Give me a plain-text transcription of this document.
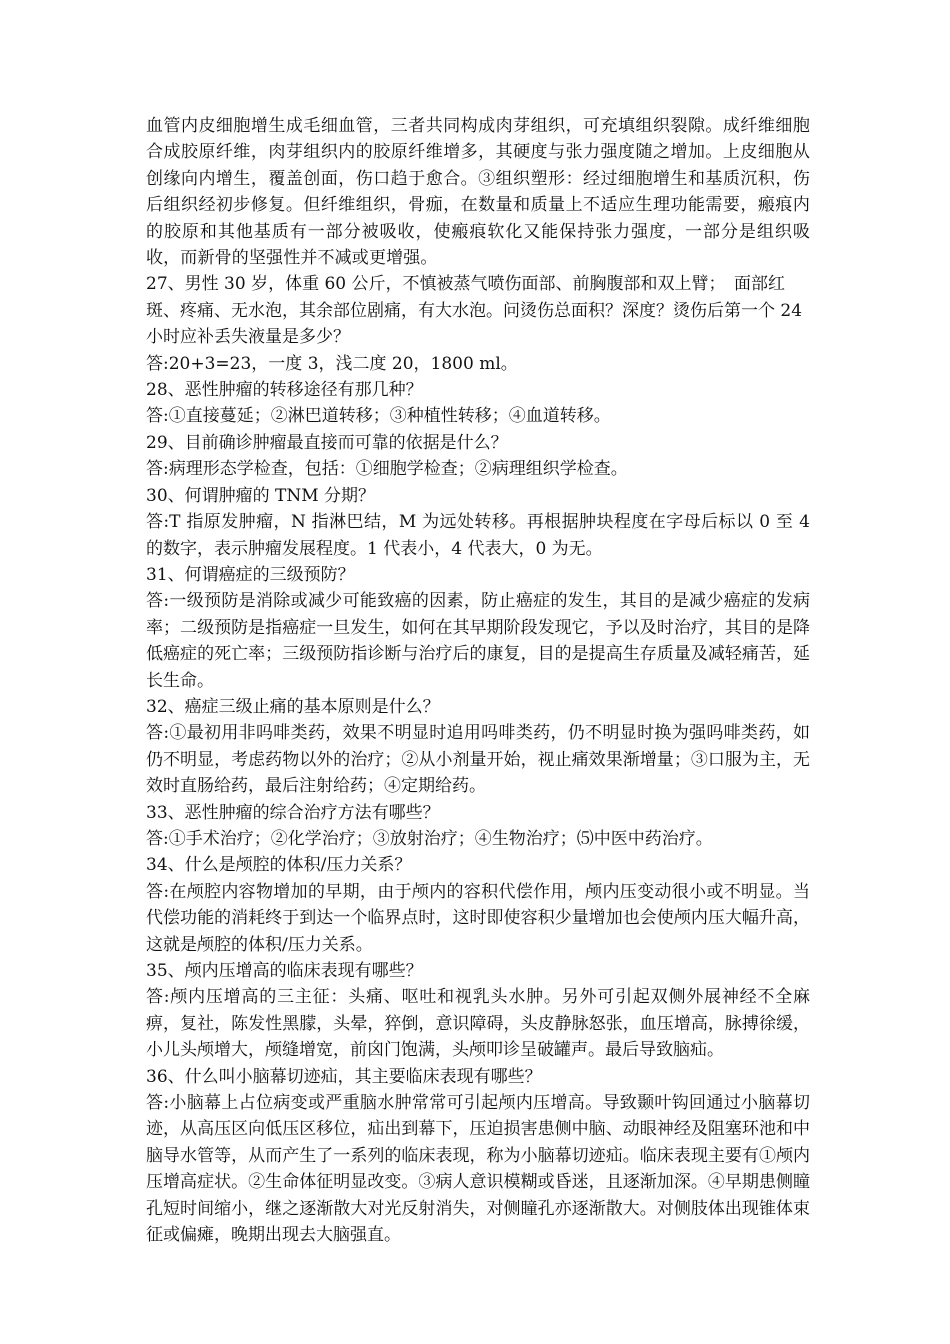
血管内皮细胞增生成毛细血管，三者共同构成肉芽组织，可充填组织裂隙。成纤维细胞合成胶原纤维，肉芽组织内的胶原纤维增多，其硬度与张力强度随之增加。上皮细胞从创缘向内增生，覆盖创面，伤口趋于愈合。③组织塑形：经过细胞增生和基质沉积，伤后组织经初步修复。但纤维组织，骨痂，在数量和质量上不适应生理功能需要，瘢痕内的胶原和其他基质有一部分被吸收，使瘢痕软化又能保持张力强度，一部分是组织吸收，而新骨的坚强性并不减或更增强。

27、男性 30 岁，体重 60 公斤，不慎被蒸气喷伤面部、前胸腹部和双上臂；　面部红斑、疼痛、无水泡，其余部位剧痛，有大水泡。问烫伤总面积？深度？烫伤后第一个 24 小时应补丢失液量是多少？

答:20+3=23，一度 3，浅二度 20，1800 ml。

28、恶性肿瘤的转移途径有那几种？

答:①直接蔓延；②淋巴道转移；③种植性转移；④血道转移。

29、目前确诊肿瘤最直接而可靠的依据是什么？

答:病理形态学检查，包括：①细胞学检查；②病理组织学检查。

30、何谓肿瘤的 TNM 分期？

答:T 指原发肿瘤，N 指淋巴结，M 为远处转移。再根据肿块程度在字母后标以 0 至 4 的数字，表示肿瘤发展程度。1 代表小，4 代表大，0 为无。

31、何谓癌症的三级预防？

答:一级预防是消除或减少可能致癌的因素，防止癌症的发生，其目的是减少癌症的发病率；二级预防是指癌症一旦发生，如何在其早期阶段发现它，予以及时治疗，其目的是降低癌症的死亡率；三级预防指诊断与治疗后的康复，目的是提高生存质量及减轻痛苦，延长生命。

32、癌症三级止痛的基本原则是什么？

答:①最初用非吗啡类药，效果不明显时追用吗啡类药，仍不明显时换为强吗啡类药，如仍不明显，考虑药物以外的治疗；②从小剂量开始，视止痛效果渐增量；③口服为主，无效时直肠给药，最后注射给药；④定期给药。

33、恶性肿瘤的综合治疗方法有哪些？

答:①手术治疗；②化学治疗；③放射治疗；④生物治疗；⑸中医中药治疗。

34、什么是颅腔的体积/压力关系？

答:在颅腔内容物增加的早期，由于颅内的容积代偿作用，颅内压变动很小或不明显。当代偿功能的消耗终于到达一个临界点时，这时即使容积少量增加也会使颅内压大幅升高，这就是颅腔的体积/压力关系。

35、颅内压增高的临床表现有哪些？

答:颅内压增高的三主征：头痛、呕吐和视乳头水肿。另外可引起双侧外展神经不全麻痹，复社，陈发性黑朦，头晕，猝倒，意识障碍，头皮静脉怒张，血压增高，脉搏徐缓，小儿头颅增大，颅缝增宽，前囟门饱满，头颅叩诊呈破罐声。最后导致脑疝。

36、什么叫小脑幕切迹疝，其主要临床表现有哪些？

答:小脑幕上占位病变或严重脑水肿常常可引起颅内压增高。导致颞叶钩回通过小脑幕切迹，从高压区向低压区移位，疝出到幕下，压迫损害患侧中脑、动眼神经及阻塞环池和中脑导水管等，从而产生了一系列的临床表现，称为小脑幕切迹疝。临床表现主要有①颅内压增高症状。②生命体征明显改变。③病人意识模糊或昏迷，且逐渐加深。④早期患侧瞳孔短时间缩小，继之逐渐散大对光反射消失，对侧瞳孔亦逐渐散大。对侧肢体出现锥体束征或偏瘫，晚期出现去大脑强直。
